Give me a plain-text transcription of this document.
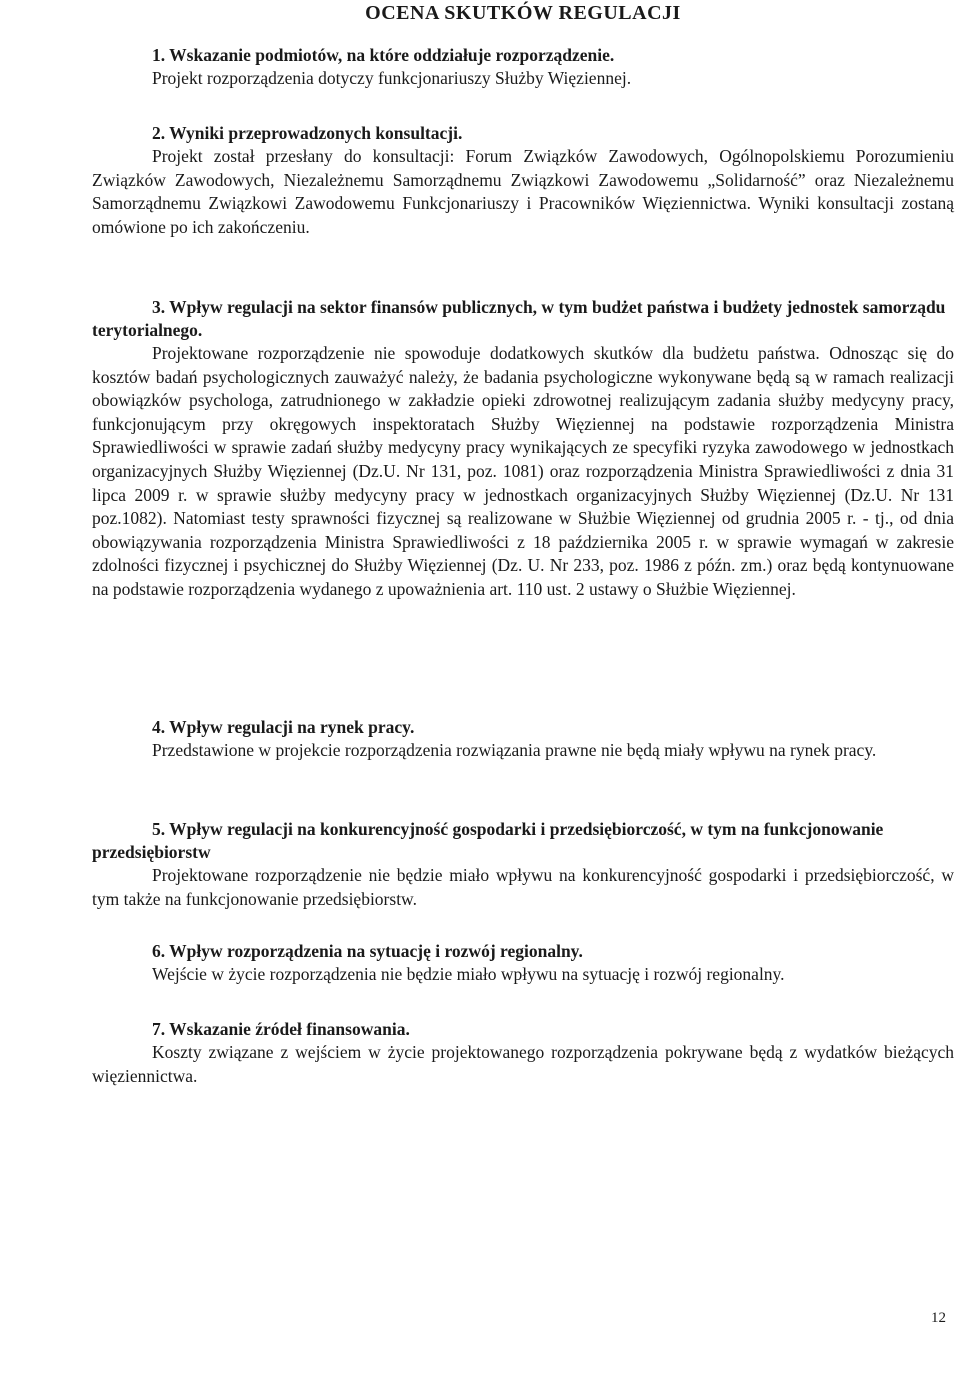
OCENA SKUTKÓW REGULACJI

1. Wskazanie podmiotów, na które oddziałuje rozporządzenie.

Projekt rozporządzenia dotyczy funkcjonariuszy Służby Więziennej.

2. Wyniki przeprowadzonych konsultacji.

Projekt został przesłany do konsultacji: Forum Związków Zawodowych, Ogólnopolskiemu Porozumieniu Związków Zawodowych, Niezależnemu Samorządnemu Związkowi Zawodowemu „Solidarność” oraz Niezależnemu Samorządnemu Związkowi Zawodowemu Funkcjonariuszy i Pracowników Więziennictwa. Wyniki konsultacji zostaną omówione po ich zakończeniu.

3. Wpływ regulacji na sektor finansów publicznych, w tym budżet państwa i budżety jednostek samorządu terytorialnego.

Projektowane rozporządzenie nie spowoduje dodatkowych skutków dla budżetu państwa. Odnosząc się do kosztów badań psychologicznych zauważyć należy, że badania psychologiczne wykonywane będą są w ramach realizacji obowiązków psychologa, zatrudnionego w zakładzie opieki zdrowotnej realizującym zadania służby medycyny pracy, funkcjonującym przy okręgowych inspektoratach Służby Więziennej na podstawie rozporządzenia Ministra Sprawiedliwości w sprawie zadań służby medycyny pracy wynikających ze specyfiki ryzyka zawodowego w jednostkach organizacyjnych Służby Więziennej (Dz.U. Nr 131, poz. 1081) oraz rozporządzenia Ministra Sprawiedliwości z dnia 31 lipca 2009 r. w sprawie służby medycyny pracy w jednostkach organizacyjnych Służby Więziennej (Dz.U. Nr 131 poz.1082). Natomiast testy sprawności fizycznej są realizowane w Służbie Więziennej od grudnia 2005 r. - tj., od dnia obowiązywania rozporządzenia Ministra Sprawiedliwości z 18 października 2005 r. w sprawie wymagań w zakresie zdolności fizycznej i psychicznej do Służby Więziennej (Dz. U. Nr 233, poz. 1986 z późn. zm.) oraz będą kontynuowane na podstawie rozporządzenia wydanego z upoważnienia art. 110 ust. 2 ustawy o Służbie Więziennej.

4. Wpływ regulacji na rynek pracy.

Przedstawione w projekcie rozporządzenia rozwiązania prawne nie będą miały wpływu na rynek pracy.

5. Wpływ regulacji na konkurencyjność gospodarki i przedsiębiorczość, w tym na funkcjonowanie przedsiębiorstw

Projektowane rozporządzenie nie będzie miało wpływu na konkurencyjność gospodarki i przedsiębiorczość, w tym także na funkcjonowanie przedsiębiorstw.

6. Wpływ rozporządzenia na sytuację i rozwój regionalny.

Wejście w życie rozporządzenia nie będzie miało wpływu na sytuację i rozwój regionalny.

7. Wskazanie źródeł finansowania.

Koszty związane z wejściem w życie projektowanego rozporządzenia pokrywane będą z wydatków bieżących więziennictwa.

12
